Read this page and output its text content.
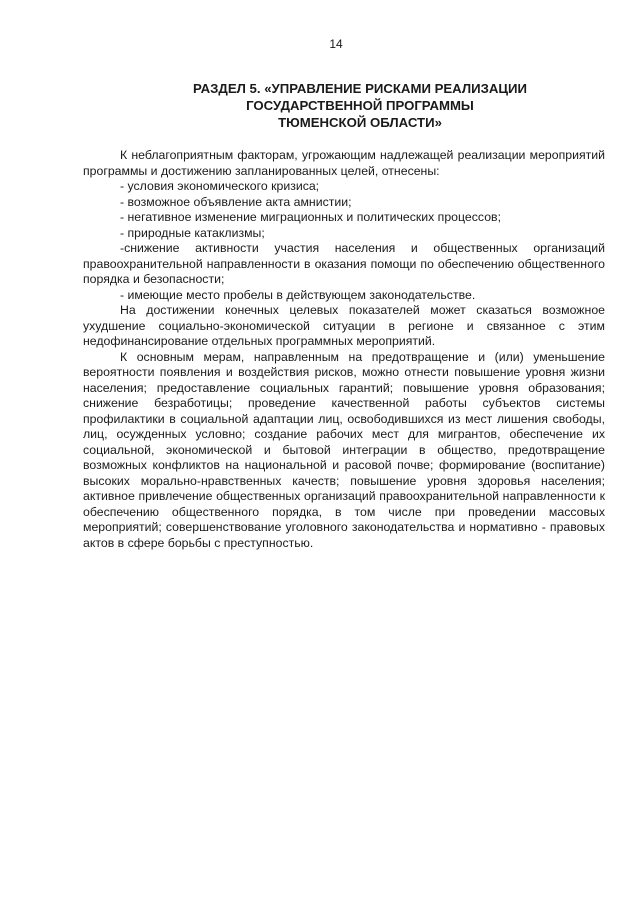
14
РАЗДЕЛ 5. «УПРАВЛЕНИЕ РИСКАМИ РЕАЛИЗАЦИИ
ГОСУДАРСТВЕННОЙ ПРОГРАММЫ
ТЮМЕНСКОЙ ОБЛАСТИ»

К неблагоприятным факторам, угрожающим надлежащей реализации мероприятий программы и достижению запланированных целей, отнесены:

- условия экономического кризиса;

- возможное объявление акта амнистии;

- негативное изменение миграционных и политических процессов;

- природные катаклизмы;

-снижение активности участия населения и общественных организаций правоохранительной направленности в оказания помощи по обеспечению общественного порядка и безопасности;

- имеющие место пробелы в действующем законодательстве.

На достижении конечных целевых показателей может сказаться возможное ухудшение социально-экономической ситуации в регионе и связанное с этим недофинансирование отдельных программных мероприятий.

К основным мерам, направленным на предотвращение и (или) уменьшение вероятности появления и воздействия рисков, можно отнести повышение уровня жизни населения; предоставление социальных гарантий; повышение уровня образования; снижение безработицы; проведение качественной работы субъектов системы профилактики в социальной адаптации лиц, освободившихся из мест лишения свободы, лиц, осужденных условно; создание рабочих мест для мигрантов, обеспечение их социальной, экономической и бытовой интеграции в общество, предотвращение возможных конфликтов на национальной и расовой почве; формирование (воспитание) высоких морально-нравственных качеств; повышение уровня здоровья населения; активное привлечение общественных организаций правоохранительной направленности к обеспечению общественного порядка, в том числе при проведении массовых мероприятий; совершенствование уголовного законодательства и нормативно - правовых актов в сфере борьбы с преступностью.
